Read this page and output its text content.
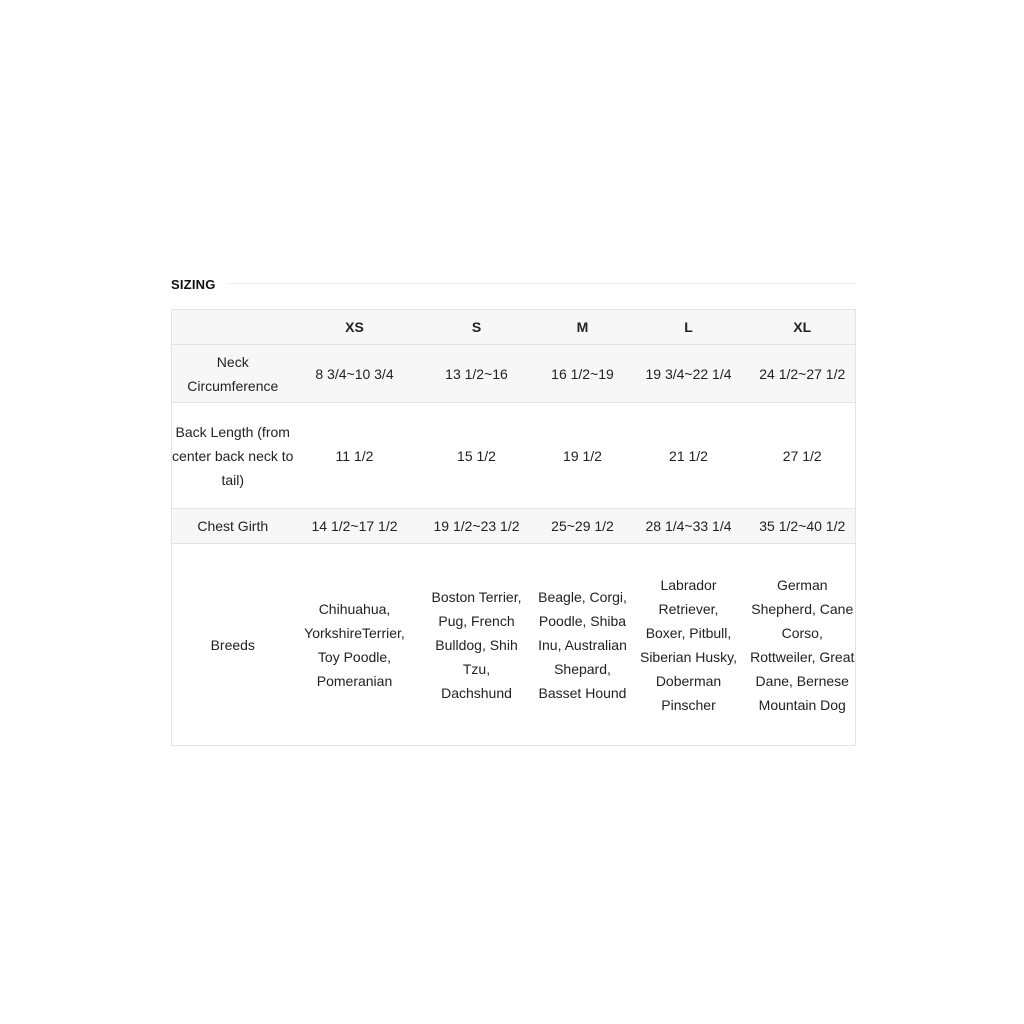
SIZING
	XS	S	M	L	XL
Neck Circumference	8 3/4~10 3/4	13 1/2~16	16 1/2~19	19 3/4~22 1/4	24 1/2~27 1/2
Back Length (from center back neck to tail)	11 1/2	15 1/2	19 1/2	21 1/2	27 1/2
Chest Girth	14 1/2~17 1/2	19 1/2~23 1/2	25~29 1/2	28 1/4~33 1/4	35 1/2~40 1/2
Breeds	Chihuahua, YorkshireTerrier, Toy Poodle, Pomeranian	Boston Terrier, Pug, French Bulldog, Shih Tzu, Dachshund	Beagle, Corgi, Poodle, Shiba Inu, Australian Shepard, Basset Hound	Labrador Retriever, Boxer, Pitbull, Siberian Husky, Doberman Pinscher	German Shepherd, Cane Corso, Rottweiler, Great Dane, Bernese Mountain Dog
